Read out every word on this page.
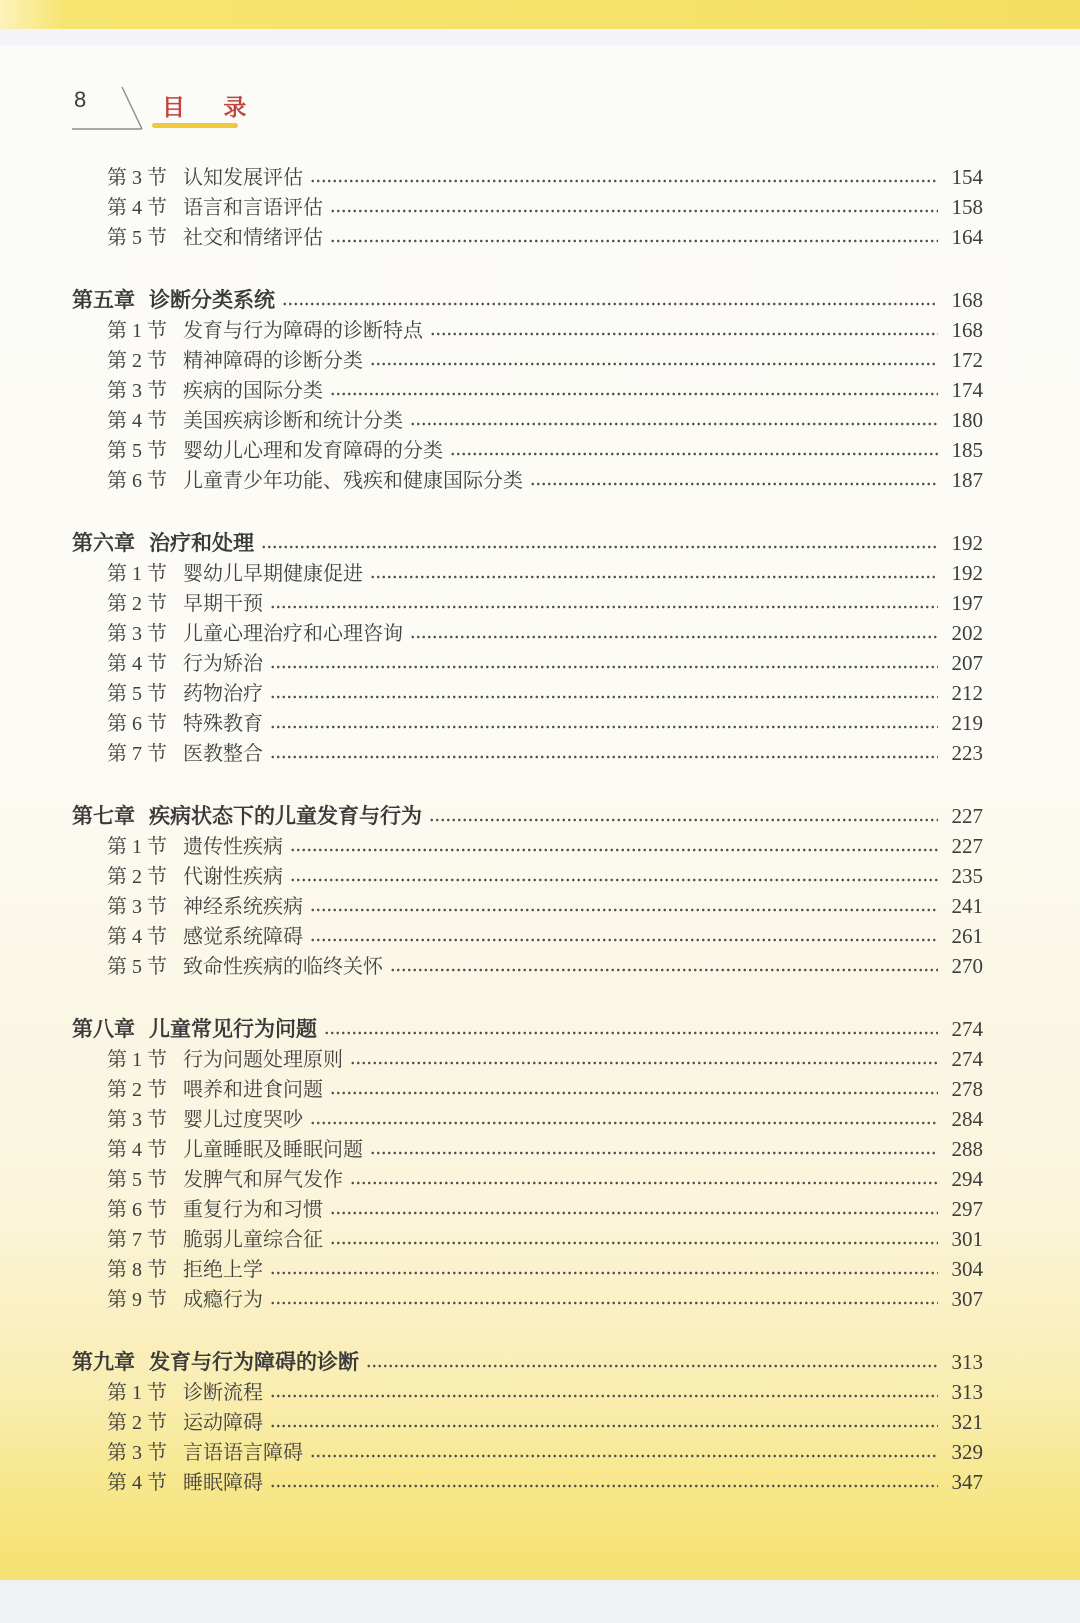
8	目 录
第 3 节 认知发展评估	154
第 4 节 语言和言语评估	158
第 5 节 社交和情绪评估	164
第五章 诊断分类系统	168
第 1 节 发育与行为障碍的诊断特点	168
第 2 节 精神障碍的诊断分类	172
第 3 节 疾病的国际分类	174
第 4 节 美国疾病诊断和统计分类	180
第 5 节 婴幼儿心理和发育障碍的分类	185
第 6 节 儿童青少年功能、残疾和健康国际分类	187
第六章 治疗和处理	192
第 1 节 婴幼儿早期健康促进	192
第 2 节 早期干预	197
第 3 节 儿童心理治疗和心理咨询	202
第 4 节 行为矫治	207
第 5 节 药物治疗	212
第 6 节 特殊教育	219
第 7 节 医教整合	223
第七章 疾病状态下的儿童发育与行为	227
第 1 节 遗传性疾病	227
第 2 节 代谢性疾病	235
第 3 节 神经系统疾病	241
第 4 节 感觉系统障碍	261
第 5 节 致命性疾病的临终关怀	270
第八章 儿童常见行为问题	274
第 1 节 行为问题处理原则	274
第 2 节 喂养和进食问题	278
第 3 节 婴儿过度哭吵	284
第 4 节 儿童睡眠及睡眠问题	288
第 5 节 发脾气和屏气发作	294
第 6 节 重复行为和习惯	297
第 7 节 脆弱儿童综合征	301
第 8 节 拒绝上学	304
第 9 节 成瘾行为	307
第九章 发育与行为障碍的诊断	313
第 1 节 诊断流程	313
第 2 节 运动障碍	321
第 3 节 言语语言障碍	329
第 4 节 睡眠障碍	347
